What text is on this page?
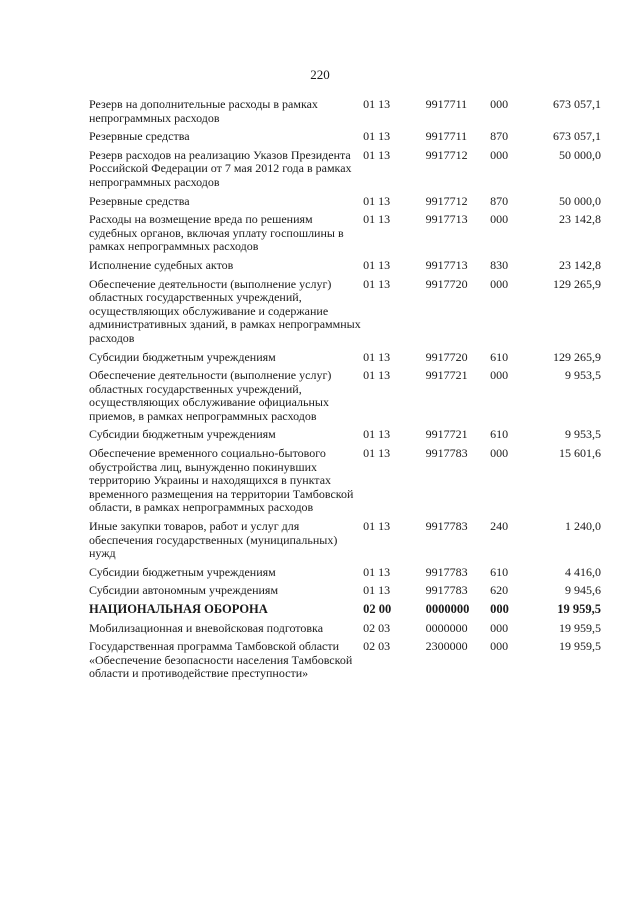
220
Резерв на дополнительные расходы в рамках непрограммных расходов	01 13	9917711	000	673 057,1
Резервные средства	01 13	9917711	870	673 057,1
Резерв расходов на реализацию Указов Президента Российской Федерации от 7 мая 2012 года в рамках непрограммных расходов	01 13	9917712	000	50 000,0
Резервные средства	01 13	9917712	870	50 000,0
Расходы на возмещение вреда по решениям судебных органов, включая уплату госпошлины в рамках непрограммных расходов	01 13	9917713	000	23 142,8
Исполнение судебных актов	01 13	9917713	830	23 142,8
Обеспечение деятельности (выполнение услуг) областных государственных учреждений, осуществляющих обслуживание и содержание административных зданий, в рамках непрограммных расходов	01 13	9917720	000	129 265,9
Субсидии бюджетным учреждениям	01 13	9917720	610	129 265,9
Обеспечение деятельности (выполнение услуг) областных государственных учреждений, осуществляющих обслуживание официальных приемов, в рамках непрограммных расходов	01 13	9917721	000	9 953,5
Субсидии бюджетным учреждениям	01 13	9917721	610	9 953,5
Обеспечение временного социально-бытового обустройства лиц, вынужденно покинувших территорию Украины и находящихся в пунктах временного размещения на территории Тамбовской области, в рамках непрограммных расходов	01 13	9917783	000	15 601,6
Иные закупки товаров, работ и услуг для обеспечения государственных (муниципальных) нужд	01 13	9917783	240	1 240,0
Субсидии бюджетным учреждениям	01 13	9917783	610	4 416,0
Субсидии автономным учреждениям	01 13	9917783	620	9 945,6
НАЦИОНАЛЬНАЯ ОБОРОНА	02 00	0000000	000	19 959,5
Мобилизационная и вневойсковая подготовка	02 03	0000000	000	19 959,5
Государственная программа Тамбовской области «Обеспечение безопасности населения Тамбовской области и противодействие преступности»	02 03	2300000	000	19 959,5
